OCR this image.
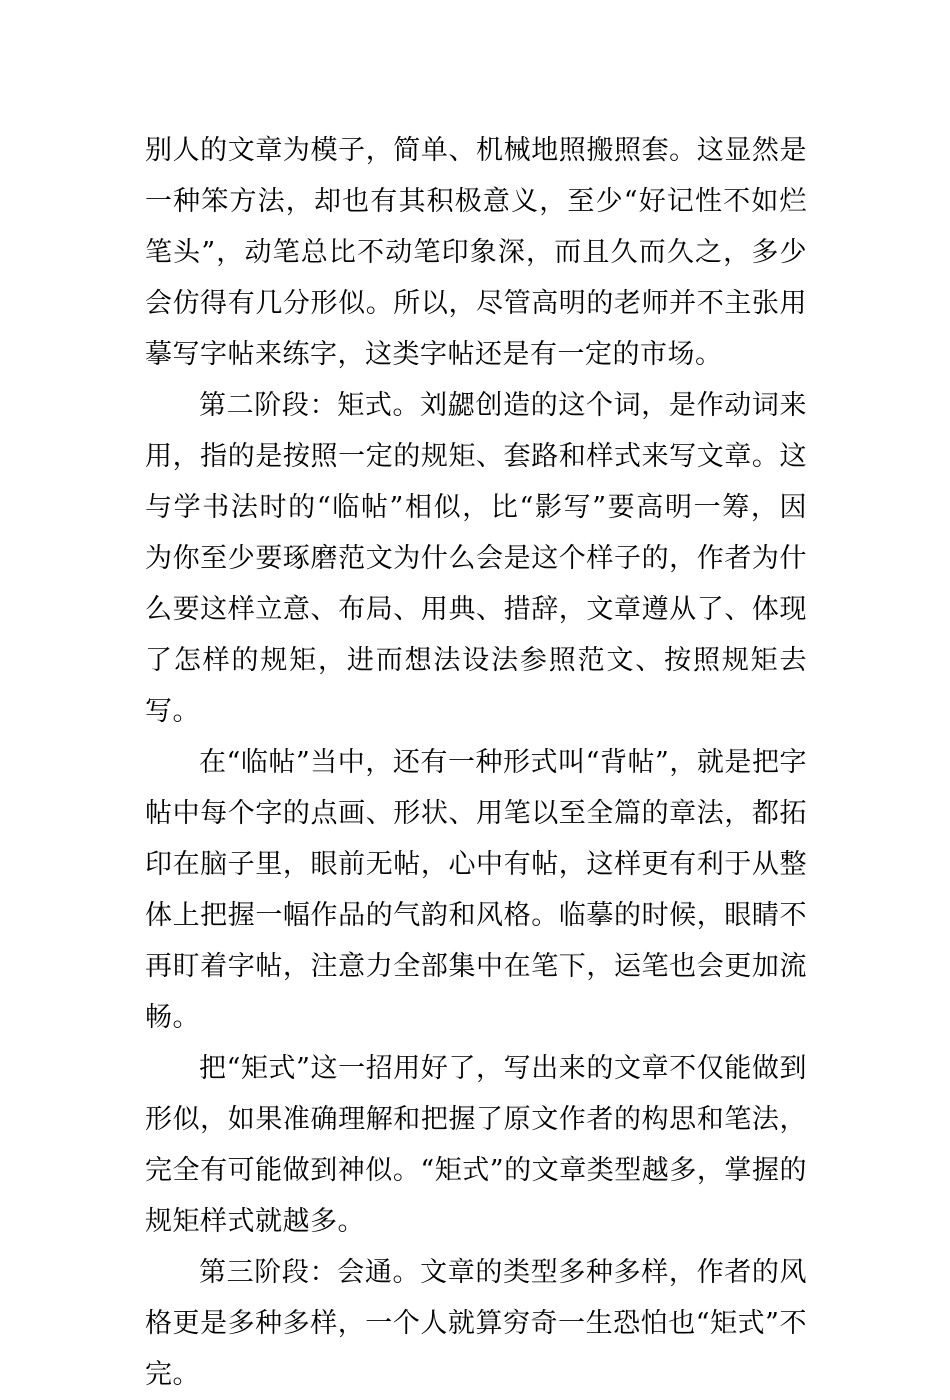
别人的文章为模子，简单、机械地照搬照套。这显然是一种笨方法，却也有其积极意义，至少“好记性不如烂笔头”，动笔总比不动笔印象深，而且久而久之，多少会仿得有几分形似。所以，尽管高明的老师并不主张用摹写字帖来练字，这类字帖还是有一定的市场。

第二阶段：矩式。刘勰创造的这个词，是作动词来用，指的是按照一定的规矩、套路和样式来写文章。这与学书法时的“临帖”相似，比“影写”要高明一筹，因为你至少要琢磨范文为什么会是这个样子的，作者为什么要这样立意、布局、用典、措辞，文章遵从了、体现了怎样的规矩，进而想法设法参照范文、按照规矩去写。

在“临帖”当中，还有一种形式叫“背帖”，就是把字帖中每个字的点画、形状、用笔以至全篇的章法，都拓印在脑子里，眼前无帖，心中有帖，这样更有利于从整体上把握一幅作品的气韵和风格。临摹的时候，眼睛不再盯着字帖，注意力全部集中在笔下，运笔也会更加流畅。

把“矩式”这一招用好了，写出来的文章不仅能做到形似，如果准确理解和把握了原文作者的构思和笔法，完全有可能做到神似。“矩式”的文章类型越多，掌握的规矩样式就越多。

第三阶段：会通。文章的类型多种多样，作者的风格更是多种多样，一个人就算穷奇一生恐怕也“矩式”不完。
